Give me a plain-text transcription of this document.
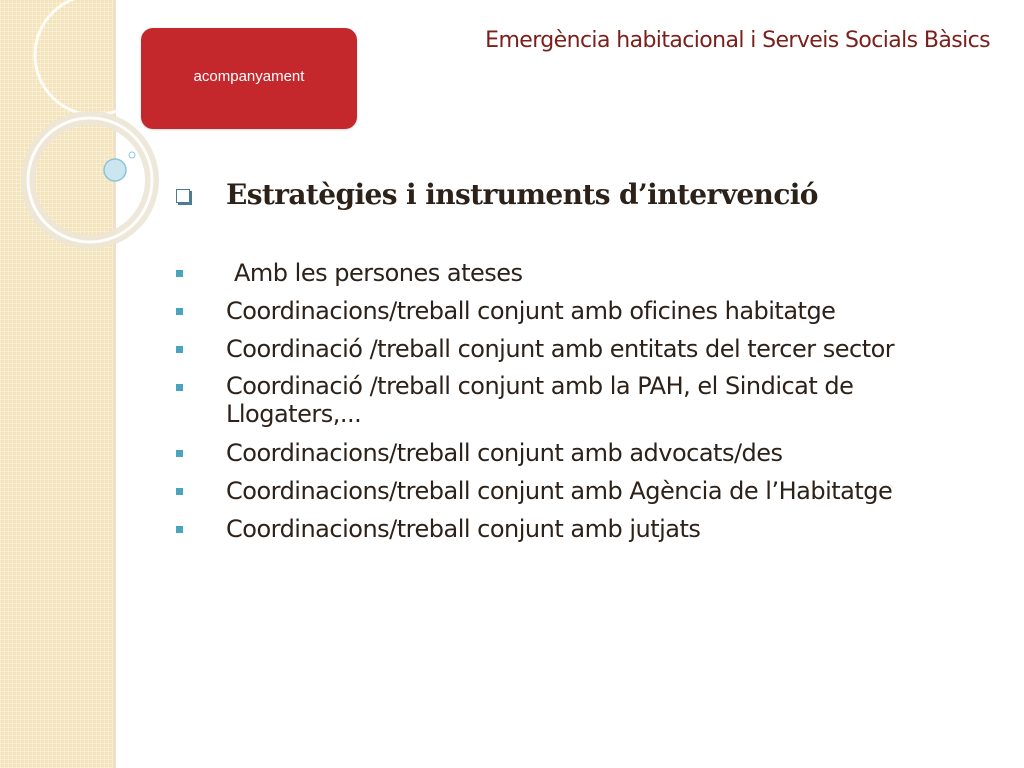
acompanyament
Emergència habitacional i Serveis Socials Bàsics
Estratègies i instruments d’intervenció
Amb les persones ateses
Coordinacions/treball conjunt amb oficines habitatge
Coordinació /treball conjunt amb entitats del tercer sector
Coordinació /treball conjunt amb la PAH, el Sindicat de Llogaters,...
Coordinacions/treball conjunt amb advocats/des
Coordinacions/treball conjunt amb Agència de l’Habitatge
Coordinacions/treball conjunt amb jutjats
